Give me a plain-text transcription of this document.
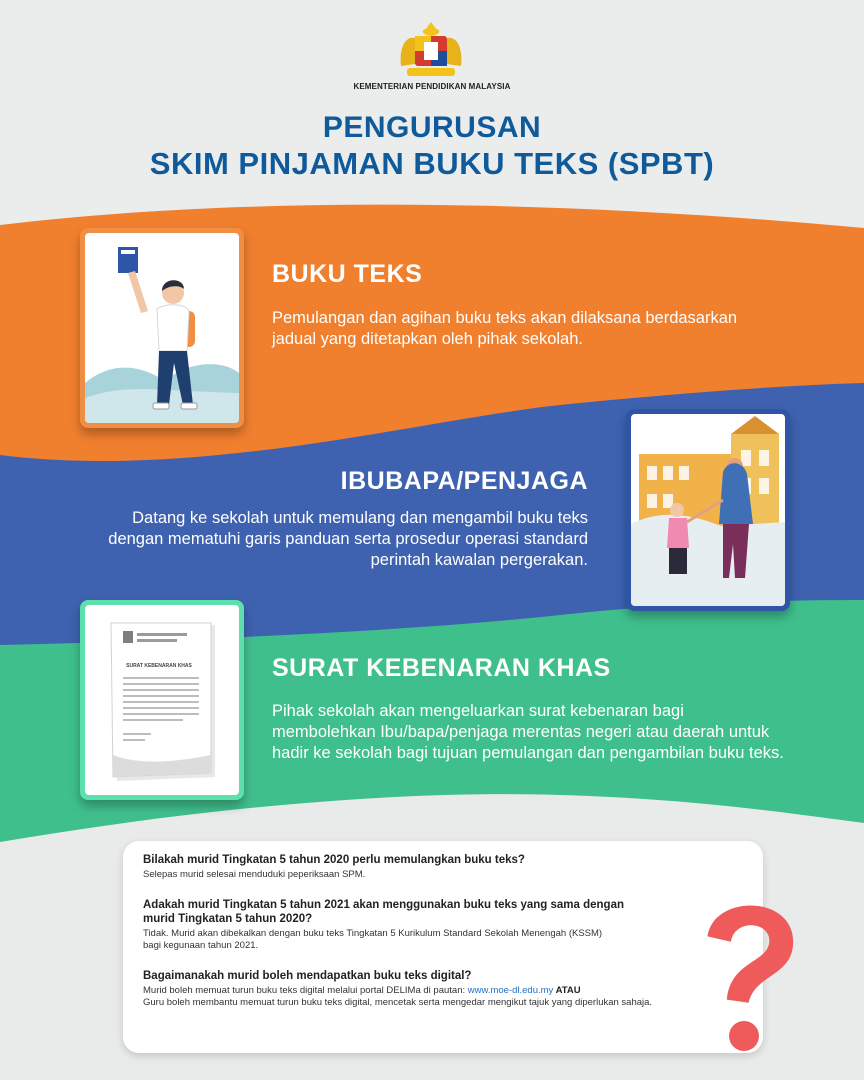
KEMENTERIAN PENDIDIKAN MALAYSIA
PENGURUSAN
SKIM PINJAMAN BUKU TEKS (SPBT)
BUKU TEKS
Pemulangan dan agihan buku teks akan dilaksana berdasarkan jadual yang ditetapkan oleh pihak sekolah.
IBUBAPA/PENJAGA
Datang ke sekolah untuk memulang dan mengambil buku teks dengan mematuhi garis panduan serta prosedur operasi standard perintah kawalan pergerakan.
SURAT KEBENARAN KHAS	SURAT KEBENARAN KHAS
Pihak sekolah akan mengeluarkan surat kebenaran bagi membolehkan Ibu/bapa/penjaga merentas negeri atau daerah untuk hadir ke sekolah bagi tujuan pemulangan dan pengambilan buku teks.
Bilakah murid Tingkatan 5 tahun 2020 perlu memulangkan buku teks?
Selepas murid selesai menduduki peperiksaan SPM.
Adakah murid Tingkatan 5 tahun 2021 akan menggunakan buku teks yang sama dengan murid Tingkatan 5 tahun 2020?
Tidak. Murid akan dibekalkan dengan buku teks Tingkatan 5 Kurikulum Standard Sekolah Menengah (KSSM) bagi kegunaan tahun 2021.
Bagaimanakah murid boleh mendapatkan buku teks digital?
Murid boleh memuat turun buku teks digital melalui portal DELIMa di pautan: www.moe-dl.edu.my ATAU
Guru boleh membantu memuat turun buku teks digital, mencetak serta mengedar mengikut tajuk yang diperlukan sahaja.
